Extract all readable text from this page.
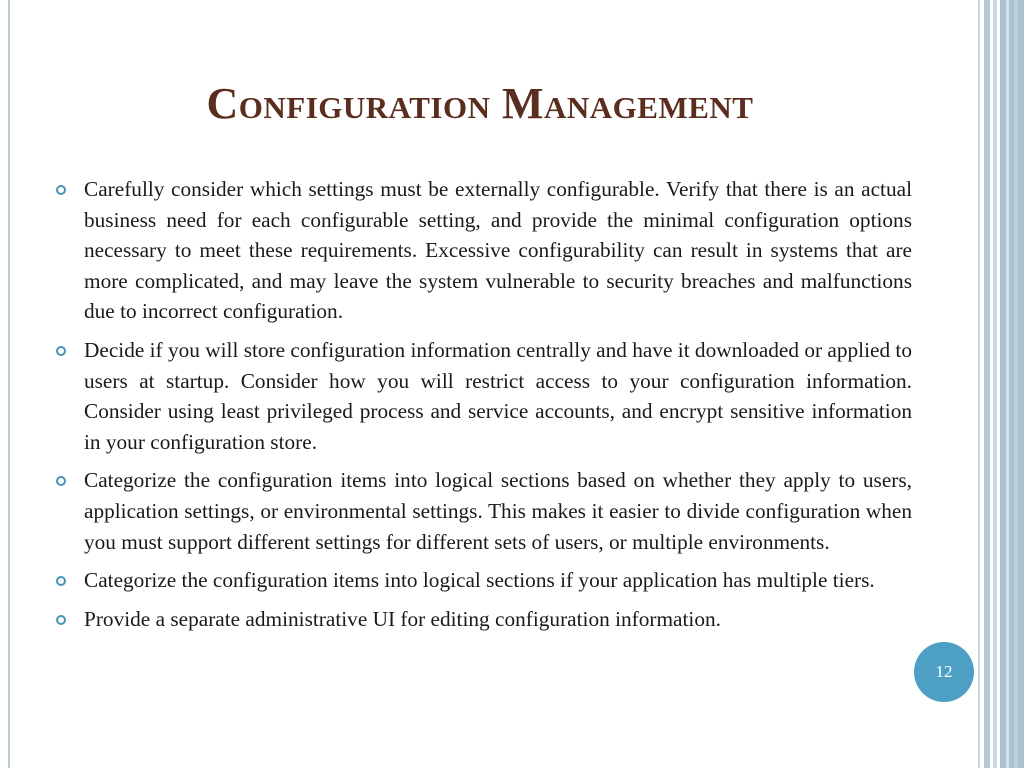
Configuration Management
Carefully consider which settings must be externally configurable. Verify that there is an actual business need for each configurable setting, and provide the minimal configuration options necessary to meet these requirements. Excessive configurability can result in systems that are more complicated, and may leave the system vulnerable to security breaches and malfunctions due to incorrect configuration.
Decide if you will store configuration information centrally and have it downloaded or applied to users at startup. Consider how you will restrict access to your configuration information. Consider using least privileged process and service accounts, and encrypt sensitive information in your configuration store.
Categorize the configuration items into logical sections based on whether they apply to users, application settings, or environmental settings. This makes it easier to divide configuration when you must support different settings for different sets of users, or multiple environments.
Categorize the configuration items into logical sections if your application has multiple tiers.
Provide a separate administrative UI for editing configuration information.
12
